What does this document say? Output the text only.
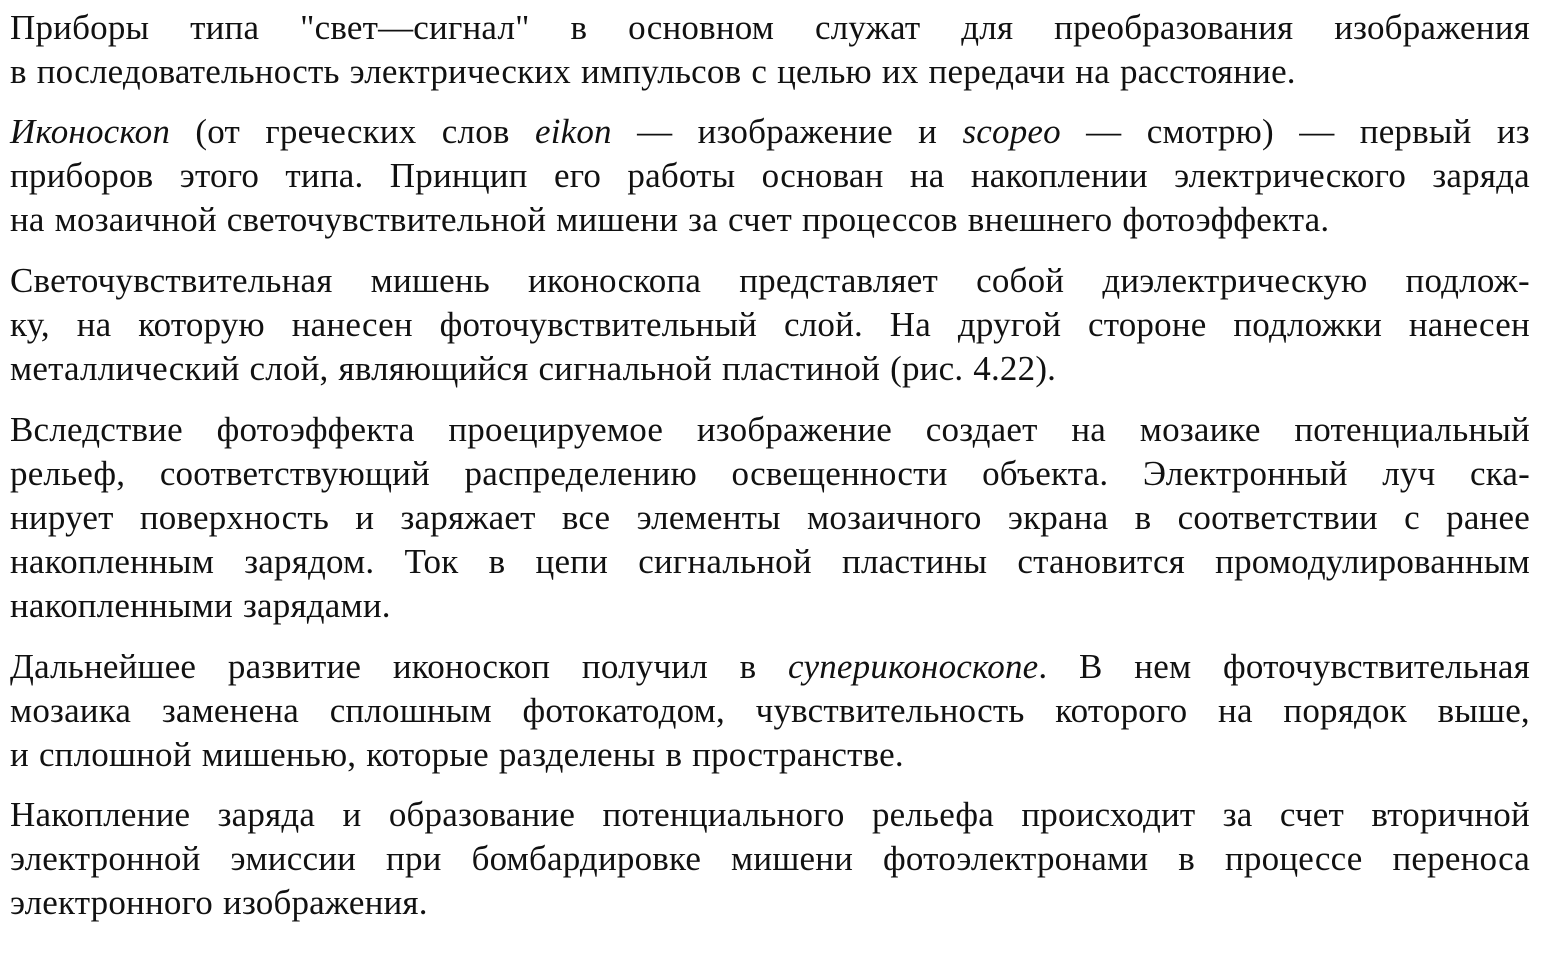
Приборы типа "свет—сигнал" в основном служат для преобразования изображения
в последовательность электрических импульсов с целью их передачи на расстояние.
Иконоскоп (от греческих слов eikon — изображение и scopeo — смотрю) — первый из
приборов этого типа. Принцип его работы основан на накоплении электрического заряда
на мозаичной светочувствительной мишени за счет процессов внешнего фотоэффекта.
Светочувствительная мишень иконоскопа представляет собой диэлектрическую подлож-
ку, на которую нанесен фоточувствительный слой. На другой стороне подложки нанесен
металлический слой, являющийся сигнальной пластиной (рис. 4.22).
Вследствие фотоэффекта проецируемое изображение создает на мозаике потенциальный
рельеф, соответствующий распределению освещенности объекта. Электронный луч ска-
нирует поверхность и заряжает все элементы мозаичного экрана в соответствии с ранее
накопленным зарядом. Ток в цепи сигнальной пластины становится промодулированным
накопленными зарядами.
Дальнейшее развитие иконоскоп получил в супериконоскопе. В нем фоточувствительная
мозаика заменена сплошным фотокатодом, чувствительность которого на порядок выше,
и сплошной мишенью, которые разделены в пространстве.
Накопление заряда и образование потенциального рельефа происходит за счет вторичной
электронной эмиссии при бомбардировке мишени фотоэлектронами в процессе переноса
электронного изображения.
